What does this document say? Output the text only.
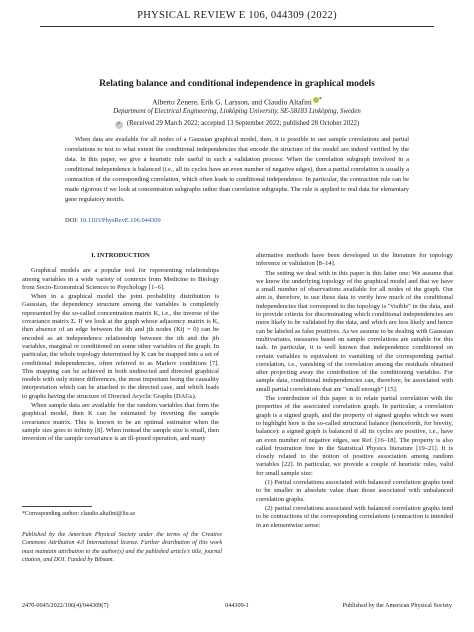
PHYSICAL REVIEW E 106, 044309 (2022)
Relating balance and conditional independence in graphical models
Alberto Zenere, Erik G. Larsson, and Claudio Altafini *
Department of Electrical Engineering, Linköping University, SE-58183 Linköping, Sweden
✓ (Received 29 March 2022; accepted 13 September 2022; published 28 October 2022)

When data are available for all nodes of a Gaussian graphical model, then, it is possible to use sample correlations and partial correlations to test to what extent the conditional independencies that encode the structure of the model are indeed verified by the data. In this paper, we give a heuristic rule useful in such a validation process: When the correlation subgraph involved in a conditional independence is balanced (i.e., all its cycles have an even number of negative edges), then a partial correlation is usually a contraction of the corresponding correlation, which often leads to conditional independence. In particular, the contraction rule can be made rigorous if we look at concentration subgraphs rather than correlation subgraphs. The rule is applied to real data for elementary gene regulatory motifs.

DOI: 10.1103/PhysRevE.106.044309
I. INTRODUCTION

Graphical models are a popular tool for representing relationships among variables in a wide variety of contexts from Medicine to Biology from Socio-Economical Sciences to Psychology [1–6].

When in a graphical model the joint probability distribution is Gaussian, the dependency structure among the variables is completely represented by the so-called concentration matrix K, i.e., the inverse of the covariance matrix Σ. If we look at the graph whose adjacency matrix is K, then absence of an edge between the ith and jth nodes (Kij = 0) can be encoded as an independence relationship between the ith and the jth variables, marginal or conditioned on some other variables of the graph. In particular, the whole topology determined by K can be mapped into a set of conditional independencies, often referred to as Markov conditions [7]. This mapping can be achieved in both undirected and directed graphical models with only minor differences, the most important being the causality interpretation which can be attached to the directed case, and which leads to graphs having the structure of Directed Acyclic Graphs (DAGs).

When sample data are available for the random variables that form the graphical model, then K can be estimated by inverting the sample covariance matrix. This is known to be an optimal estimator when the sample size goes to infinity [8]. When instead the sample size is small, then inversion of the sample covariance is an ill-posed operation, and many

alternative methods have been developed in the literature for topology inference or validation [8–14].

The setting we deal with in this paper is this latter one: We assume that we know the underlying topology of the graphical model and that we have a small number of observations available for all nodes of the graph. Our aim is, therefore, to use these data to verify how much of the conditional independencies that correspond to the topology is "visible" in the data, and to provide criteria for discriminating which conditional independencies are more likely to be validated by the data, and which are less likely and hence can be labeled as false positives. As we assume to be dealing with Gaussian multivariates, measures based on sample correlations are suitable for this task. In particular, it is well known that independence conditioned on certain variables is equivalent to vanishing of the corresponding partial correlation, i.e., vanishing of the correlation among the residuals obtained after projecting away the contribution of the conditioning variables. For sample data, conditional independencies can, therefore, be associated with small partial correlations that are "small enough" [15].

The contribution of this paper is to relate partial correlation with the properties of the associated correlation graph. In particular, a correlation graph is a signed graph, and the property of signed graphs which we want to highlight here is the so-called structural balance (henceforth, for brevity, balance): a signed graph is balanced if all its cycles are positive, i.e., have an even number of negative edges, see Ref. [16–18]. The property is also called frustration free in the Statistical Physics literature [19–21]. It is closely related to the notion of positive association among random variables [22]. In particular, we provide a couple of heuristic rules, valid for small sample size:

(1) Partial correlations associated with balanced correlation graphs tend to be smaller in absolute value than those associated with unbalanced correlation graphs.

(2) partial correlations associated with balanced correlation graphs tend to be contractions of the corresponding correlations (contraction is intended in an elementwise sense:

*Corresponding author: claudio.altafini@liu.se

Published by the American Physical Society under the terms of the Creative Commons Attribution 4.0 International license. Further distribution of this work must maintain attribution to the author(s) and the published article's title, journal citation, and DOI. Funded by Bibsam.

2470-0045/2022/106(4)/044309(7)	044309-1	Published by the American Physical Society
